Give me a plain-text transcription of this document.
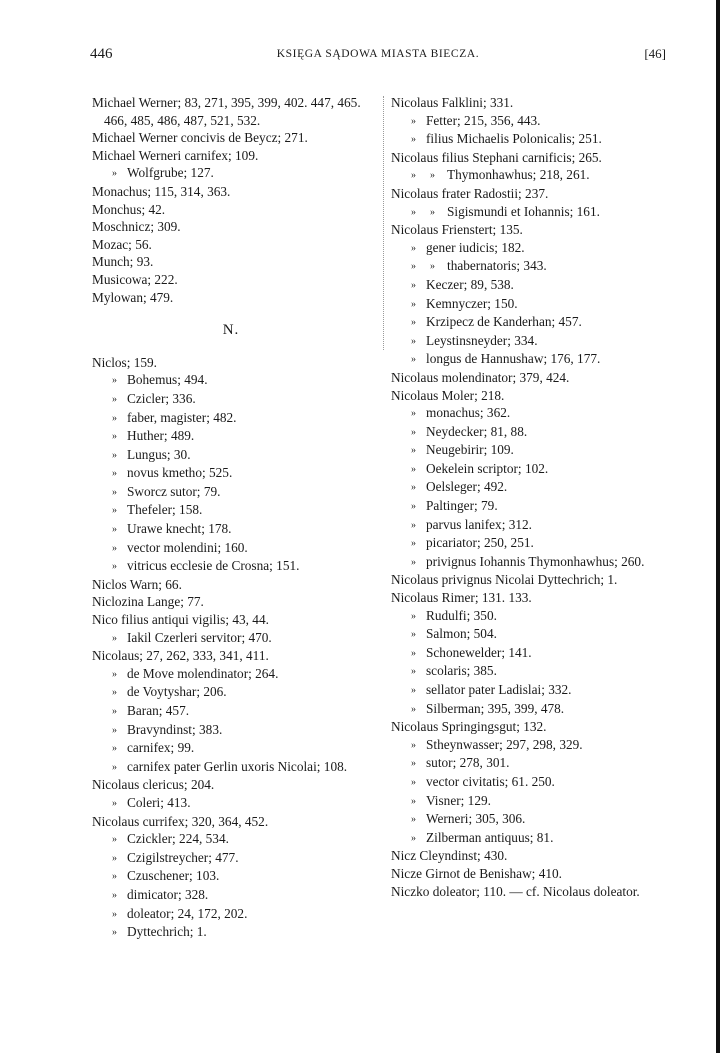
446	KSIĘGA SĄDOWA MIASTA BIECZA.	[46]
Michael Werner; 83, 271, 395, 399, 402. 447, 465. 466, 485, 486, 487, 521, 532.
Michael Werner concivis de Beycz; 271.
Michael Werneri carnifex; 109.
» Wolfgrube; 127.
Monachus; 115, 314, 363.
Monchus; 42.
Moschnicz; 309.
Mozac; 56.
Munch; 93.
Musicowa; 222.
Mylowan; 479.
N.
Niclos; 159.
» Bohemus; 494.
» Czicler; 336.
» faber, magister; 482.
» Huther; 489.
» Lungus; 30.
» novus kmetho; 525.
» Sworcz sutor; 79.
» Thefeler; 158.
» Urawe knecht; 178.
» vector molendini; 160.
» vitricus ecclesie de Crosna; 151.
Niclos Warn; 66.
Niclozina Lange; 77.
Nico filius antiqui vigilis; 43, 44.
» Iakil Czerleri servitor; 470.
Nicolaus; 27, 262, 333, 341, 411.
» de Move molendinator; 264.
» de Voytyshar; 206.
» Baran; 457.
» Bravyndinst; 383.
» carnifex; 99.
» carnifex pater Gerlin uxoris Nicolai; 108.
Nicolaus clericus; 204.
» Coleri; 413.
Nicolaus currifex; 320, 364, 452.
» Czickler; 224, 534.
» Czigilstreycher; 477.
» Czuschener; 103.
» dimicator; 328.
» doleator; 24, 172, 202.
» Dyttechrich; 1.
Nicolaus Falklini; 331.
» Fetter; 215, 356, 443.
» filius Michaelis Polonicalis; 251.
Nicolaus filius Stephani carnificis; 265.
» » Thymonhawhus; 218, 261.
Nicolaus frater Radostii; 237.
» » Sigismundi et Iohannis; 161.
Nicolaus Frienstert; 135.
» gener iudicis; 182.
» » thabernatoris; 343.
» Keczer; 89, 538.
» Kemnyczer; 150.
» Krzipecz de Kanderhan; 457.
» Leystinsneyder; 334.
» longus de Hannushaw; 176, 177.
Nicolaus molendinator; 379, 424.
Nicolaus Moler; 218.
» monachus; 362.
» Neydecker; 81, 88.
» Neugebirir; 109.
» Oekelein scriptor; 102.
» Oelsleger; 492.
» Paltinger; 79.
» parvus lanifex; 312.
» picariator; 250, 251.
» privignus Iohannis Thymonhawhus; 260.
Nicolaus privignus Nicolai Dyttechrich; 1.
Nicolaus Rimer; 131. 133.
» Rudulfi; 350.
» Salmon; 504.
» Schonewelder; 141.
» scolaris; 385.
» sellator pater Ladislai; 332.
» Silberman; 395, 399, 478.
Nicolaus Springingsgut; 132.
» Stheynwasser; 297, 298, 329.
» sutor; 278, 301.
» vector civitatis; 61. 250.
» Visner; 129.
» Werneri; 305, 306.
» Zilberman antiquus; 81.
Nicz Cleyndinst; 430.
Nicze Girnot de Benishaw; 410.
Niczko doleator; 110. — cf. Nicolaus doleator.
